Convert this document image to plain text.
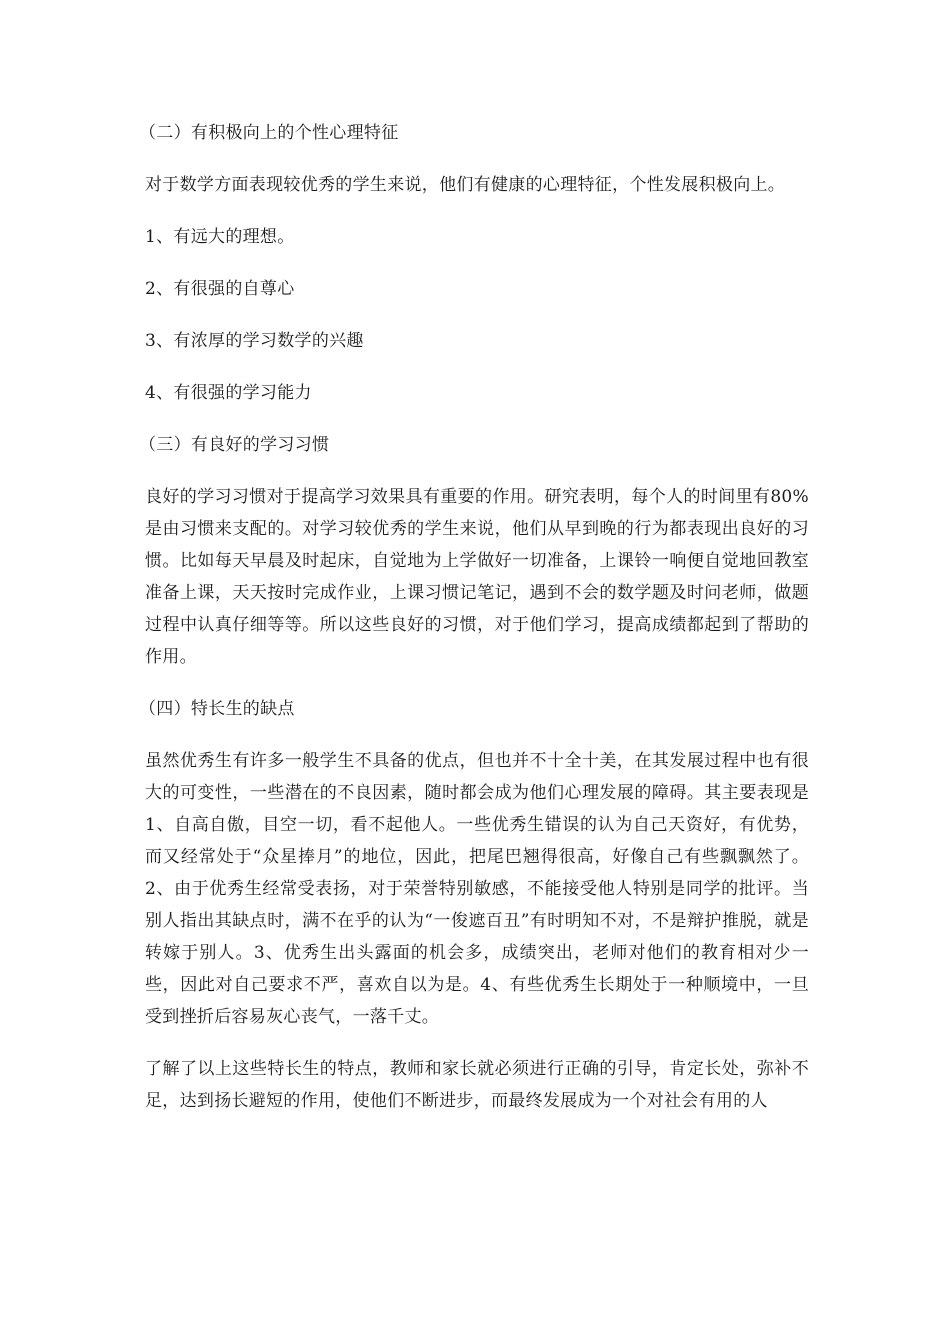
（二）有积极向上的个性心理特征

对于数学方面表现较优秀的学生来说，他们有健康的心理特征，个性发展积极向上。

1、有远大的理想。

2、有很强的自尊心

3、有浓厚的学习数学的兴趣

4、有很强的学习能力

（三）有良好的学习习惯

良好的学习习惯对于提高学习效果具有重要的作用。研究表明，每个人的时间里有80%是由习惯来支配的。对学习较优秀的学生来说，他们从早到晚的行为都表现出良好的习惯。比如每天早晨及时起床，自觉地为上学做好一切准备，上课铃一响便自觉地回教室准备上课，天天按时完成作业，上课习惯记笔记，遇到不会的数学题及时问老师，做题过程中认真仔细等等。所以这些良好的习惯，对于他们学习，提高成绩都起到了帮助的作用。

（四）特长生的缺点

虽然优秀生有许多一般学生不具备的优点，但也并不十全十美，在其发展过程中也有很大的可变性，一些潜在的不良因素，随时都会成为他们心理发展的障碍。其主要表现是1、自高自傲，目空一切，看不起他人。一些优秀生错误的认为自己天资好，有优势，而又经常处于“众星捧月”的地位，因此，把尾巴翘得很高，好像自己有些飘飘然了。2、由于优秀生经常受表扬，对于荣誉特别敏感，不能接受他人特别是同学的批评。当别人指出其缺点时，满不在乎的认为“一俊遮百丑”有时明知不对，不是辩护推脱，就是转嫁于别人。3、优秀生出头露面的机会多，成绩突出，老师对他们的教育相对少一些，因此对自己要求不严，喜欢自以为是。4、有些优秀生长期处于一种顺境中，一旦受到挫折后容易灰心丧气，一落千丈。

了解了以上这些特长生的特点，教师和家长就必须进行正确的引导，肯定长处，弥补不足，达到扬长避短的作用，使他们不断进步，而最终发展成为一个对社会有用的人
